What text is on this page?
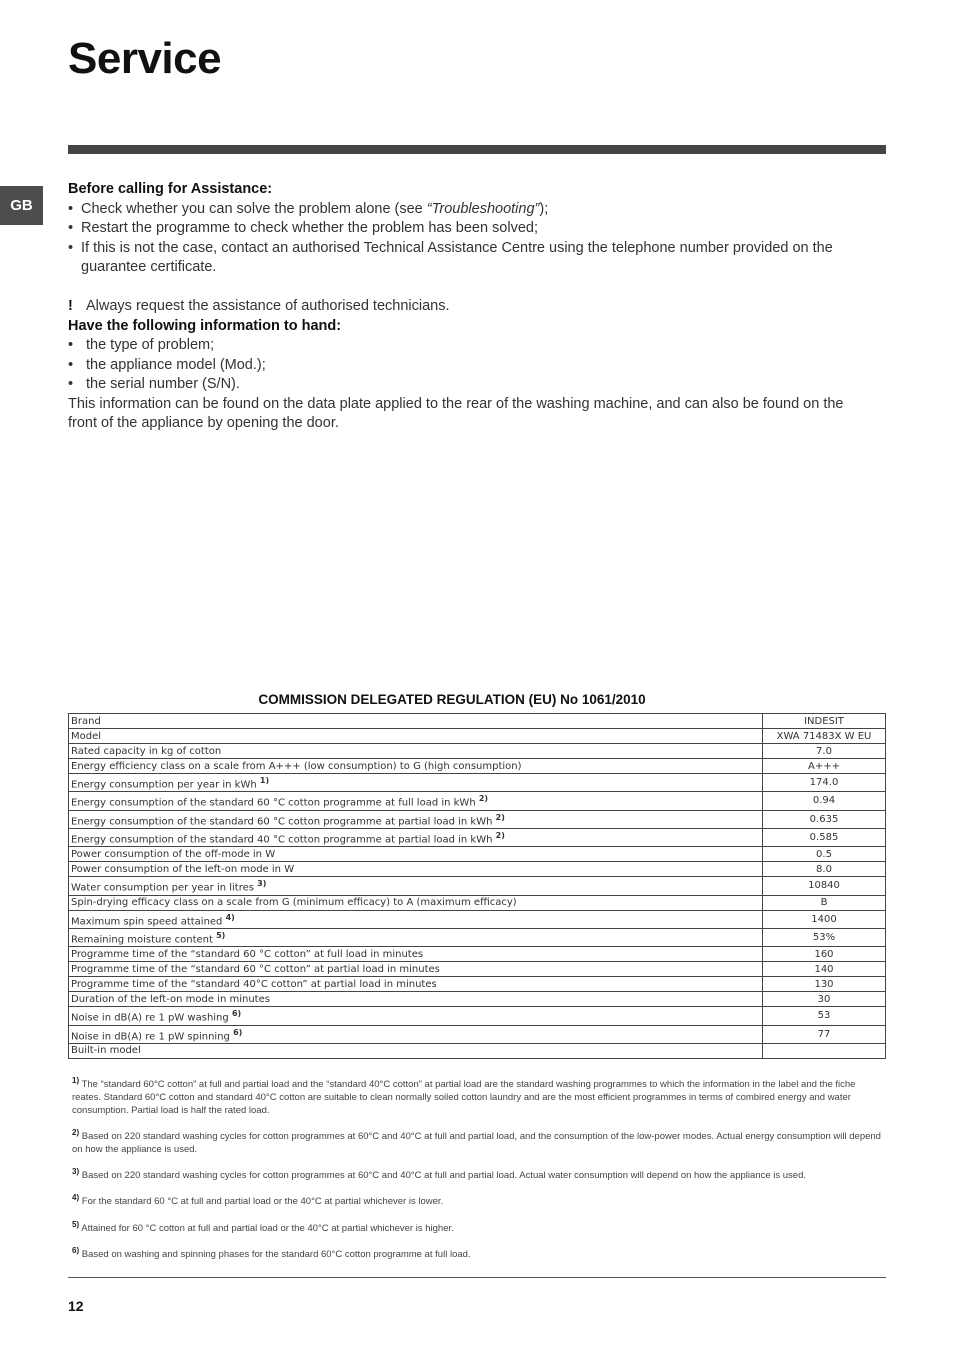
Service
GB

Before calling for Assistance:

• Check whether you can solve the problem alone (see “Troubleshooting”);
• Restart the programme to check whether the problem has been solved;
• If this is not the case, contact an authorised Technical Assistance Centre using the telephone number provided on the guarantee certificate.
! Always request the assistance of authorised technicians.

Have the following information to hand:

• the type of problem;
• the appliance model (Mod.);
• the serial number (S/N).

This information can be found on the data plate applied to the rear of the washing machine, and can also be found on the front of the appliance by opening the door.

COMMISSION DELEGATED REGULATION (EU) No 1061/2010
Brand	INDESIT
Model	XWA 71483X W EU
Rated capacity in kg of cotton	7.0
Energy efficiency class on a scale from A+++ (low consumption) to G (high consumption)	A+++
Energy consumption per year in kWh $^{1)}$	174.0
Energy consumption of the standard 60 °C cotton programme at full load in kWh $^{2)}$	0.94
Energy consumption of the standard 60 °C cotton programme at partial load in kWh $^{2)}$	0.635
Energy consumption of the standard 40 °C cotton programme at partial load in kWh $^{2)}$	0.585
Power consumption of the off-mode in W	0.5
Power consumption of the left-on mode in W	8.0
Water consumption per year in litres $^{3)}$	10840
Spin-drying efficacy class on a scale from G (minimum efficacy) to A (maximum efficacy)	B
Maximum spin speed attained $^{4)}$	1400
Remaining moisture content $^{5)}$	53%
Programme time of the “standard 60 °C cotton” at full load in minutes	160
Programme time of the “standard 60 °C cotton” at partial load in minutes	140
Programme time of the “standard 40°C cotton” at partial load in minutes	130
Duration of the left-on mode in minutes	30
Noise in dB(A) re 1 pW washing $^{6)}$	53
Noise in dB(A) re 1 pW spinning $^{6)}$	77
Built-in model	

$^{1)}$ The “standard 60°C cotton” at full and partial load and the “standard 40°C cotton” at partial load are the standard washing programmes to which the information in the label and the fiche reates. Standard 60°C cotton and standard 40°C cotton are suitable to clean normally soiled cotton laundry and are the most efficient programmes in terms of combired energy and water consumption. Partial load is half the rated load.

$^{2)}$ Based on 220 standard washing cycles for cotton programmes at 60°C and 40°C at full and partial load, and the consumption of the low-power modes. Actual energy consumption will depend on how the appliance is used.

$^{3)}$ Based on 220 standard washing cycles for cotton programmes at 60°C and 40°C at full and partial load. Actual water consumption will depend on how the appliance is used.

$^{4)}$ For the standard 60 °C at full and partial load or the 40°C at partial whichever is lower.

$^{5)}$ Attained for 60 °C cotton at full and partial load or the 40°C at partial whichever is higher.

$^{6)}$ Based on washing and spinning phases for the standard 60°C cotton programme at full load.

12
